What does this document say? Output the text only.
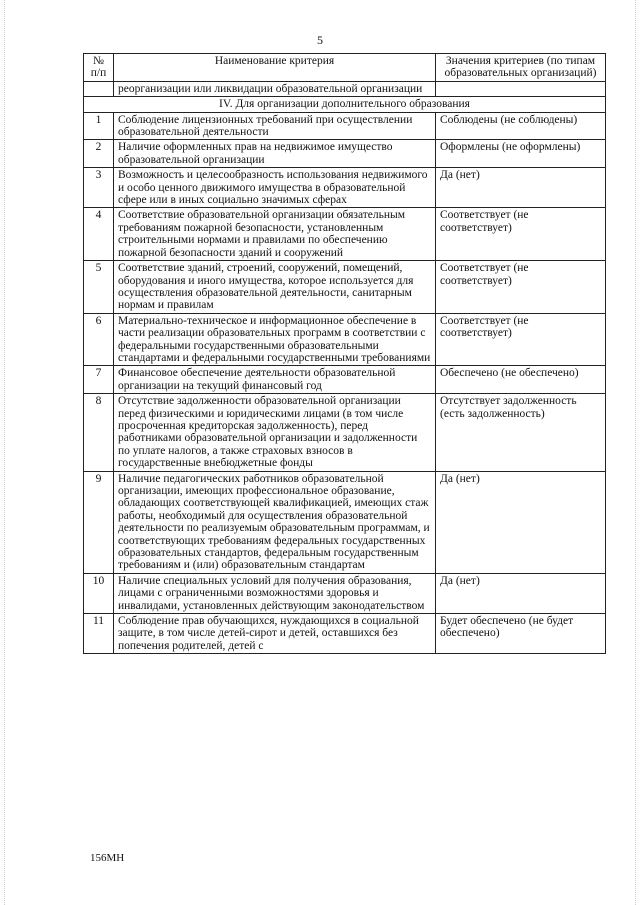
5
№ п/п	Наименование критерия	Значения критериев (по типам образовательных организаций)
	реорганизации или ликвидации образовательной организации	
IV. Для организации дополнительного образования		
1	Соблюдение лицензионных требований при осуществлении образовательной деятельности	Соблюдены (не соблюдены)
2	Наличие оформленных прав на недвижимое имущество образовательной организации	Оформлены (не оформлены)
3	Возможность и целесообразность использования недвижимого и особо ценного движимого имущества в образовательной сфере или в иных социально значимых сферах	Да (нет)
4	Соответствие образовательной организации обязательным требованиям пожарной безопасности, установленным строительными нормами и правилами по обеспечению пожарной безопасности зданий и сооружений	Соответствует (не соответствует)
5	Соответствие зданий, строений, сооружений, помещений, оборудования и иного имущества, которое используется для осуществления образовательной деятельности, санитарным нормам и правилам	Соответствует (не соответствует)
6	Материально-техническое и информационное обеспечение в части реализации образовательных программ в соответствии с федеральными государственными образовательными стандартами и федеральными государственными требованиями	Соответствует (не соответствует)
7	Финансовое обеспечение деятельности образовательной организации на текущий финансовый год	Обеспечено (не обеспечено)
8	Отсутствие задолженности образовательной организации перед физическими и юридическими лицами (в том числе просроченная кредиторская задолженность), перед работниками образовательной организации и задолженности по уплате налогов, а также страховых взносов в государственные внебюджетные фонды	Отсутствует задолженность (есть задолженность)
9	Наличие педагогических работников образовательной организации, имеющих профессиональное образование, обладающих соответствующей квалификацией, имеющих стаж работы, необходимый для осуществления образовательной деятельности по реализуемым образовательным программам, и соответствующих требованиям федеральных государственных образовательных стандартов, федеральным государственным требованиям и (или) образовательным стандартам	Да (нет)
10	Наличие специальных условий для получения образования, лицами с ограниченными возможностями здоровья и инвалидами, установленных действующим законодательством	Да (нет)
11	Соблюдение прав обучающихся, нуждающихся в социальной защите, в том числе детей-сирот и детей, оставшихся без попечения родителей, детей с	Будет обеспечено (не будет обеспечено)
156МН
